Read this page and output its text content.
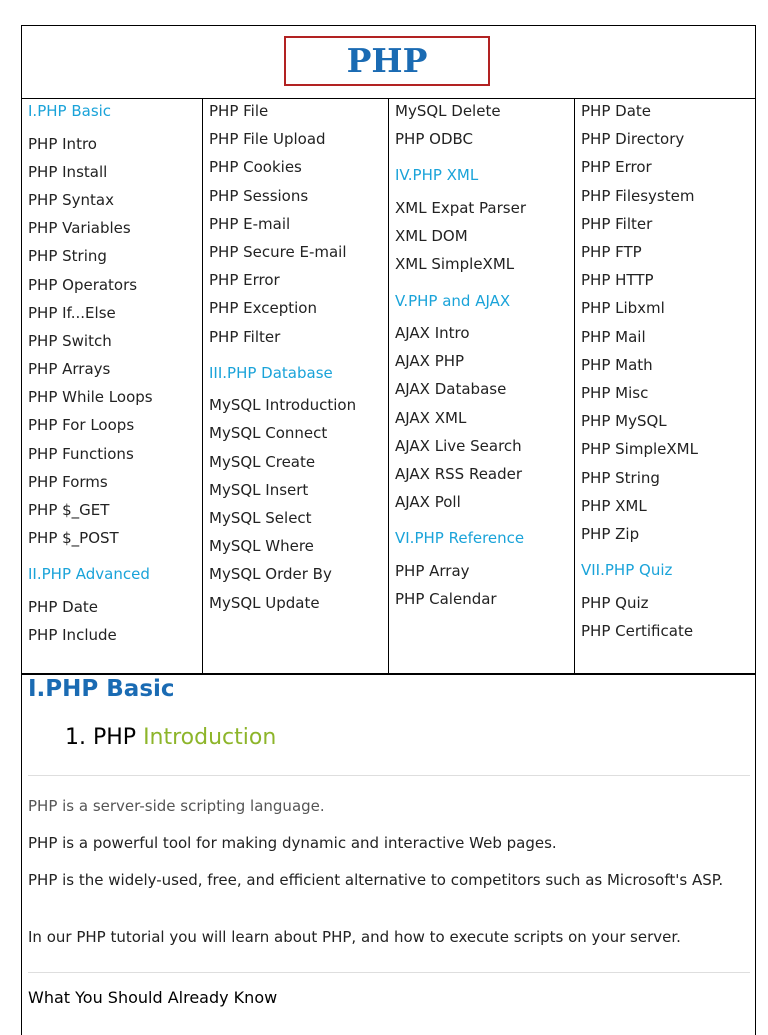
PHP
I.PHP Basic
PHP Intro
PHP Install
PHP Syntax
PHP Variables
PHP String
PHP Operators
PHP If...Else
PHP Switch
PHP Arrays
PHP While Loops
PHP For Loops
PHP Functions
PHP Forms
PHP $_GET
PHP $_POST
II.PHP Advanced
PHP Date
PHP Include
PHP File
PHP File Upload
PHP Cookies
PHP Sessions
PHP E-mail
PHP Secure E-mail
PHP Error
PHP Exception
PHP Filter
III.PHP Database
MySQL Introduction
MySQL Connect
MySQL Create
MySQL Insert
MySQL Select
MySQL Where
MySQL Order By
MySQL Update
MySQL Delete
PHP ODBC
IV.PHP XML
XML Expat Parser
XML DOM
XML SimpleXML
V.PHP and AJAX
AJAX Intro
AJAX PHP
AJAX Database
AJAX XML
AJAX Live Search
AJAX RSS Reader
AJAX Poll
VI.PHP Reference
PHP Array
PHP Calendar
PHP Date
PHP Directory
PHP Error
PHP Filesystem
PHP Filter
PHP FTP
PHP HTTP
PHP Libxml
PHP Mail
PHP Math
PHP Misc
PHP MySQL
PHP SimpleXML
PHP String
PHP XML
PHP Zip
VII.PHP Quiz
PHP Quiz
PHP Certificate
I.PHP Basic
1. PHP Introduction
PHP is a server-side scripting language.
PHP is a powerful tool for making dynamic and interactive Web pages.
PHP is the widely-used, free, and efficient alternative to competitors such as Microsoft's ASP.
In our PHP tutorial you will learn about PHP, and how to execute scripts on your server.
What You Should Already Know
